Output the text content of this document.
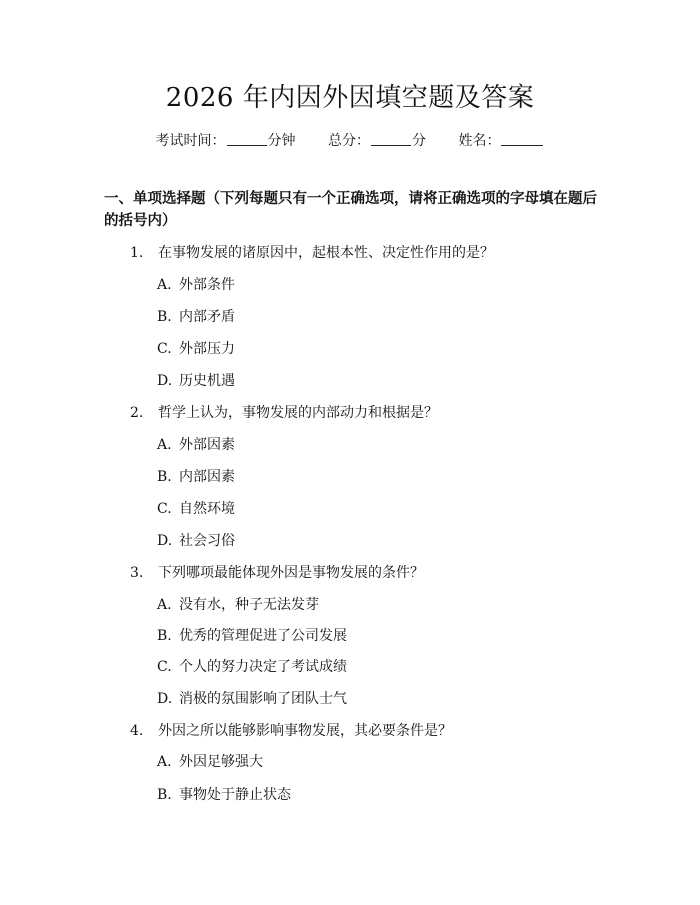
2026 年内因外因填空题及答案
考试时间：	分钟 总分：	分 姓名：
一、单项选择题（下列每题只有一个正确选项，请将正确选项的字母填在题后的括号内）
1. 在事物发展的诸原因中，起根本性、决定性作用的是？
A. 外部条件
B. 内部矛盾
C. 外部压力
D. 历史机遇
2. 哲学上认为，事物发展的内部动力和根据是？
A. 外部因素
B. 内部因素
C. 自然环境
D. 社会习俗
3. 下列哪项最能体现外因是事物发展的条件？
A. 没有水，种子无法发芽
B. 优秀的管理促进了公司发展
C. 个人的努力决定了考试成绩
D. 消极的氛围影响了团队士气
4. 外因之所以能够影响事物发展，其必要条件是？
A. 外因足够强大
B. 事物处于静止状态
